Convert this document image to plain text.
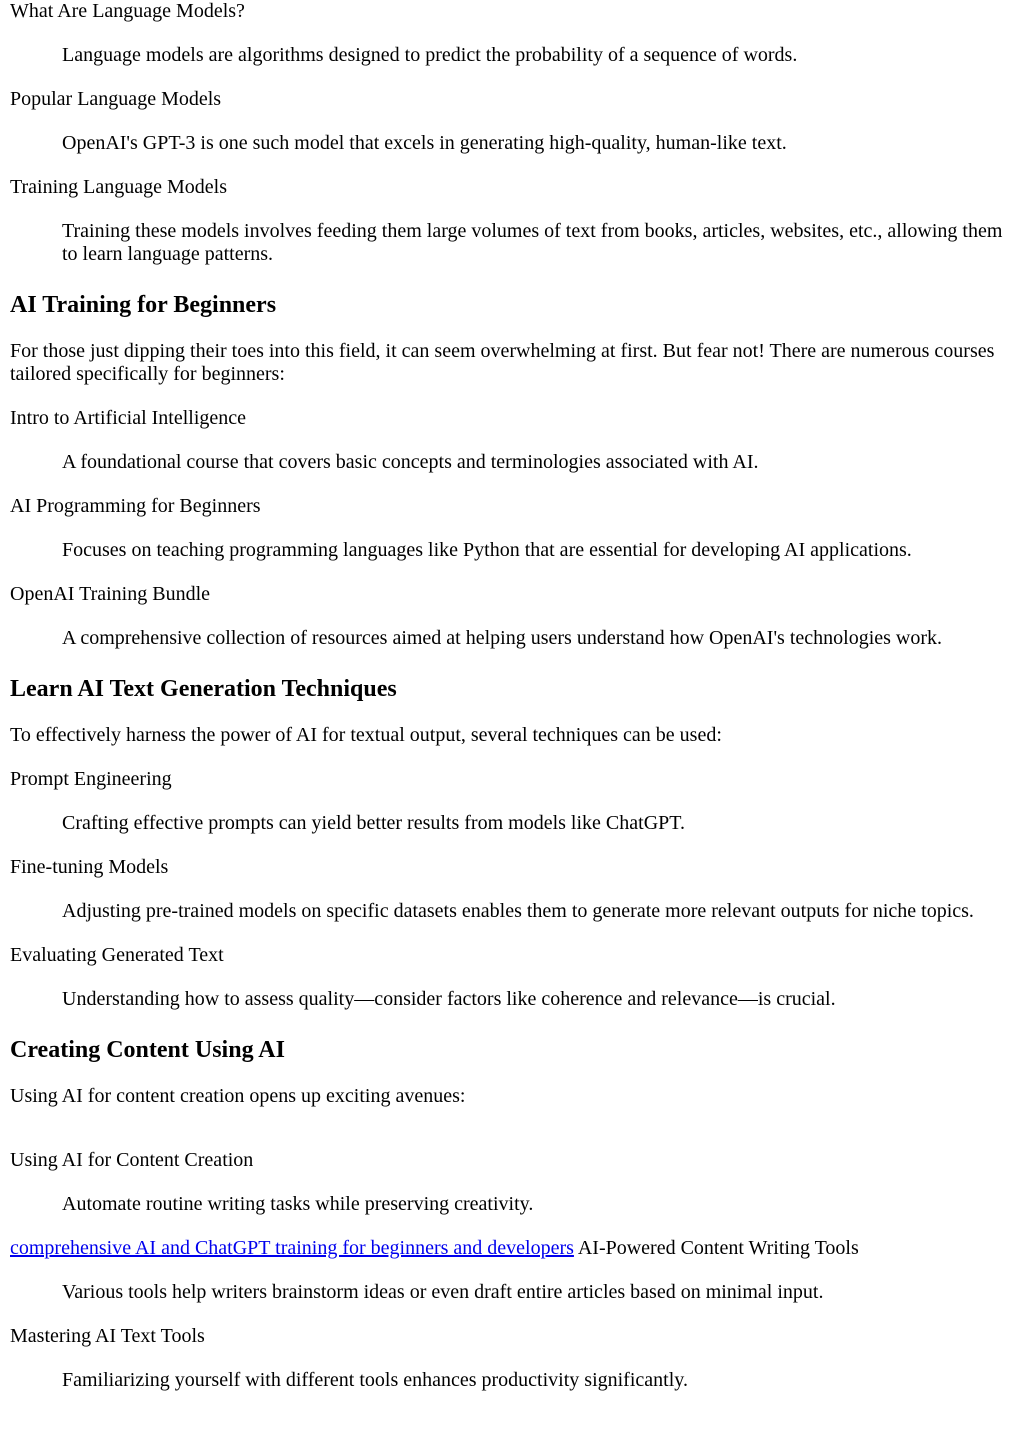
What Are Language Models?
Language models are algorithms designed to predict the probability of a sequence of words.
Popular Language Models
OpenAI's GPT-3 is one such model that excels in generating high-quality, human-like text.
Training Language Models
Training these models involves feeding them large volumes of text from books, articles, websites, etc., allowing them to learn language patterns.
AI Training for Beginners

For those just dipping their toes into this field, it can seem overwhelming at first. But fear not! There are numerous courses tailored specifically for beginners:

Intro to Artificial Intelligence
A foundational course that covers basic concepts and terminologies associated with AI.
AI Programming for Beginners
Focuses on teaching programming languages like Python that are essential for developing AI applications.
OpenAI Training Bundle
A comprehensive collection of resources aimed at helping users understand how OpenAI's technologies work.
Learn AI Text Generation Techniques

To effectively harness the power of AI for textual output, several techniques can be used:

Prompt Engineering
Crafting effective prompts can yield better results from models like ChatGPT.
Fine-tuning Models
Adjusting pre-trained models on specific datasets enables them to generate more relevant outputs for niche topics.
Evaluating Generated Text
Understanding how to assess quality—consider factors like coherence and relevance—is crucial.
Creating Content Using AI

Using AI for content creation opens up exciting avenues:

Using AI for Content Creation
Automate routine writing tasks while preserving creativity.
comprehensive AI and ChatGPT training for beginners and developers AI-Powered Content Writing Tools
Various tools help writers brainstorm ideas or even draft entire articles based on minimal input.
Mastering AI Text Tools
Familiarizing yourself with different tools enhances productivity significantly.
